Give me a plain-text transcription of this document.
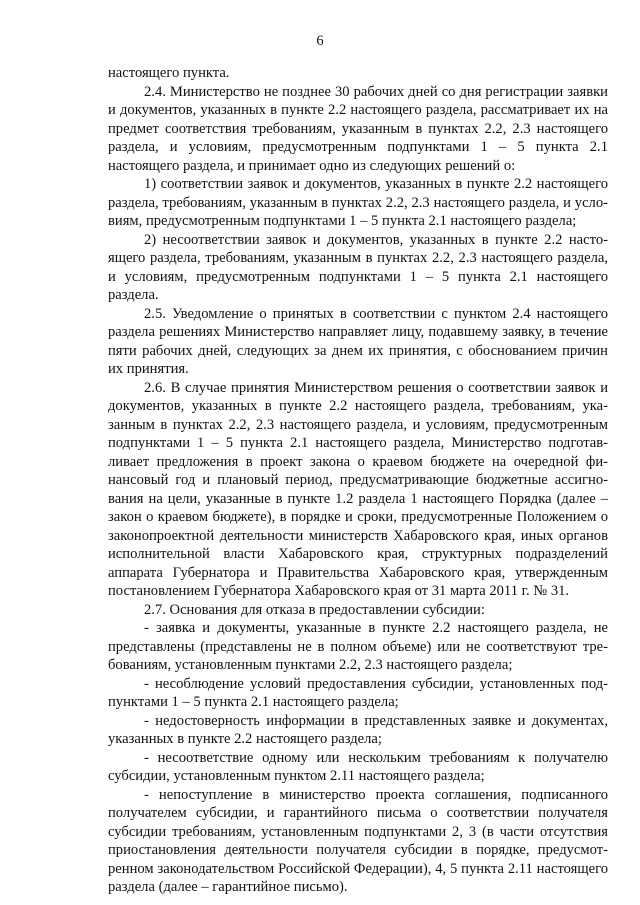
6

настоящего пункта.

2.4. Министерство не позднее 30 рабочих дней со дня регистрации заявки и документов, указанных в пункте 2.2 настоящего раздела, рассматривает их на предмет соответствия требованиям, указанным в пунктах 2.2, 2.3 настоящего раздела, и условиям, предусмотренным подпунктами 1 – 5 пункта 2.1 настоящего раздела, и принимает одно из следующих решений о:

1) соответствии заявок и документов, указанных в пункте 2.2 настоящего раздела, требованиям, указанным в пунктах 2.2, 2.3 настоящего раздела, и условиям, предусмотренным подпунктами 1 – 5 пункта 2.1 настоящего раздела;

2) несоответствии заявок и документов, указанных в пункте 2.2 настоящего раздела, требованиям, указанным в пунктах 2.2, 2.3 настоящего раздела, и условиям, предусмотренным подпунктами 1 – 5 пункта 2.1 настоящего раздела.

2.5. Уведомление о принятых в соответствии с пунктом 2.4 настоящего раздела решениях Министерство направляет лицу, подавшему заявку, в течение пяти рабочих дней, следующих за днем их принятия, с обоснованием причин их принятия.

2.6. В случае принятия Министерством решения о соответствии заявок и документов, указанных в пункте 2.2 настоящего раздела, требованиям, указанным в пунктах 2.2, 2.3 настоящего раздела, и условиям, предусмотренным подпунктами 1 – 5 пункта 2.1 настоящего раздела, Министерство подготавливает предложения в проект закона о краевом бюджете на очередной финансовый год и плановый период, предусматривающие бюджетные ассигнования на цели, указанные в пункте 1.2 раздела 1 настоящего Порядка (далее – закон о краевом бюджете), в порядке и сроки, предусмотренные Положением о законопроектной деятельности министерств Хабаровского края, иных органов исполнительной власти Хабаровского края, структурных подразделений аппарата Губернатора и Правительства Хабаровского края, утвержденным постановлением Губернатора Хабаровского края от 31 марта 2011 г. № 31.

2.7. Основания для отказа в предоставлении субсидии:

- заявка и документы, указанные в пункте 2.2 настоящего раздела, не представлены (представлены не в полном объеме) или не соответствуют требованиям, установленным пунктами 2.2, 2.3 настоящего раздела;

- несоблюдение условий предоставления субсидии, установленных подпунктами 1 – 5 пункта 2.1 настоящего раздела;

- недостоверность информации в представленных заявке и документах, указанных в пункте 2.2 настоящего раздела;

- несоответствие одному или нескольким требованиям к получателю субсидии, установленным пунктом 2.11 настоящего раздела;

- непоступление в министерство проекта соглашения, подписанного получателем субсидии, и гарантийного письма о соответствии получателя субсидии требованиям, установленным подпунктами 2, 3 (в части отсутствия приостановления деятельности получателя субсидии в порядке, предусмотренном законодательством Российской Федерации), 4, 5 пункта 2.11 настоящего раздела (далее – гарантийное письмо).
